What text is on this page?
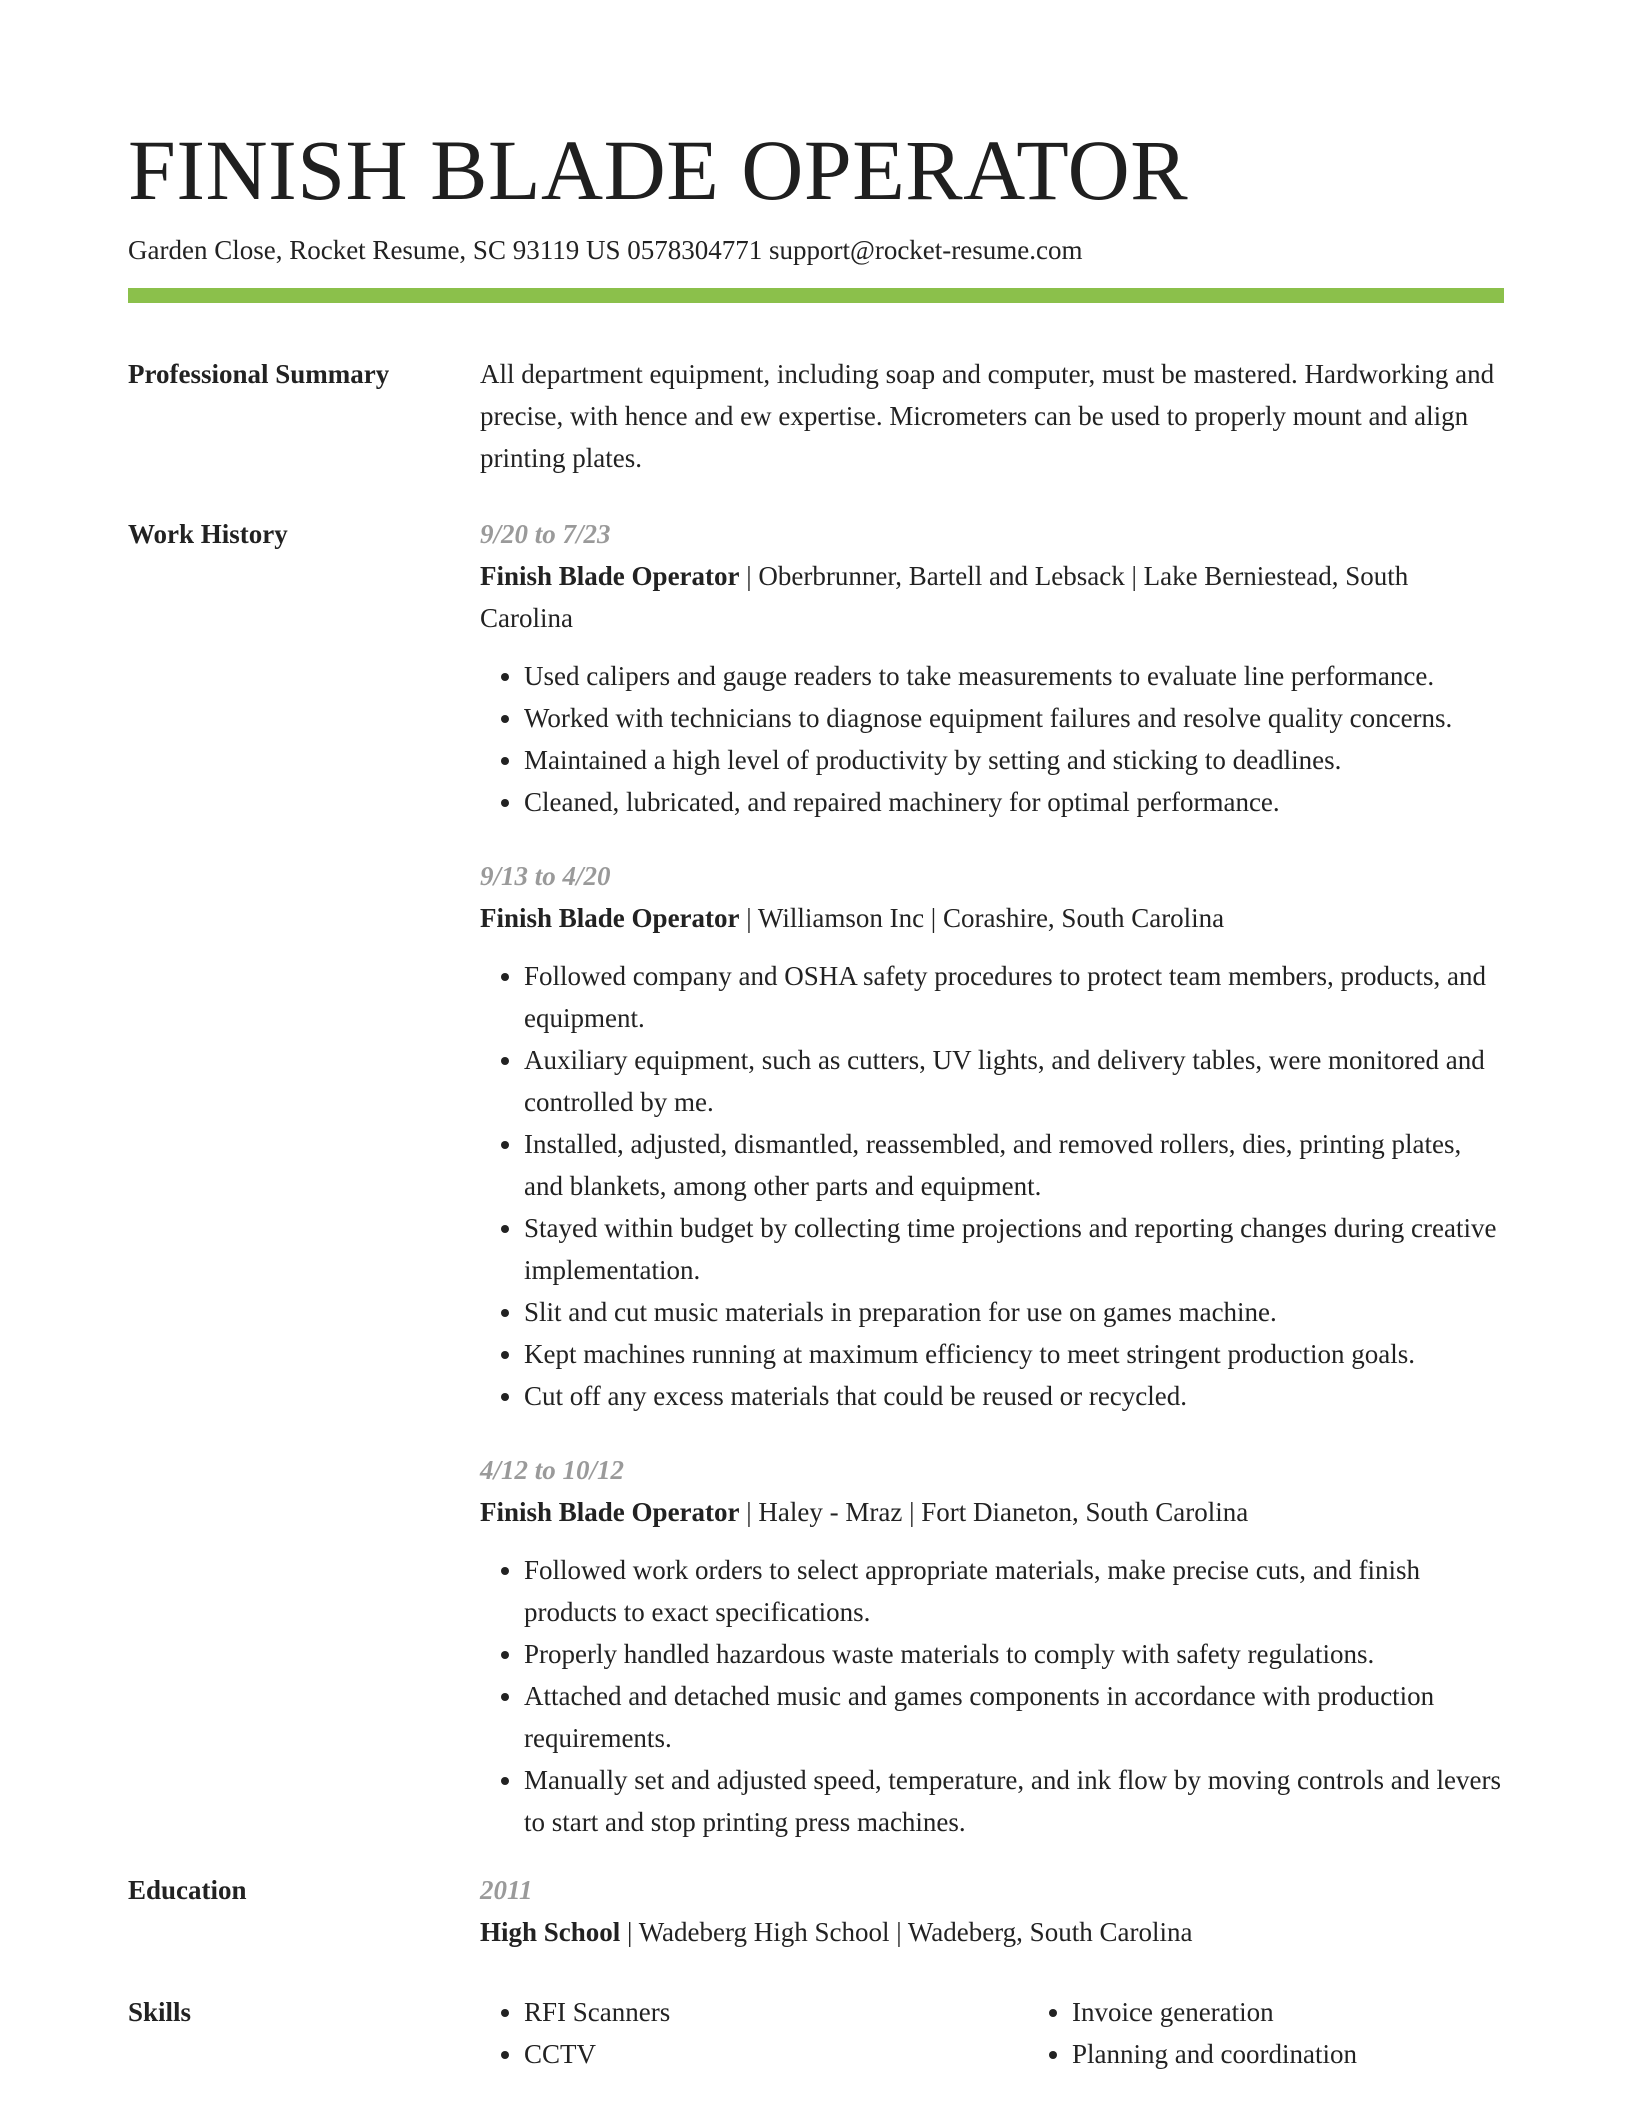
FINISH BLADE OPERATOR
Garden Close, Rocket Resume, SC 93119 US 0578304771 support@rocket-resume.com
Professional Summary	All department equipment, including soap and computer, must be mastered. Hardworking and precise, with hence and ew expertise. Micrometers can be used to properly mount and align printing plates.
Work History	9/20 to 7/23
Finish Blade Operator | Oberbrunner, Bartell and Lebsack | Lake Berniestead, South Carolina
• Used calipers and gauge readers to take measurements to evaluate line performance.
• Worked with technicians to diagnose equipment failures and resolve quality concerns.
• Maintained a high level of productivity by setting and sticking to deadlines.
• Cleaned, lubricated, and repaired machinery for optimal performance.
9/13 to 4/20
Finish Blade Operator | Williamson Inc | Corashire, South Carolina
• Followed company and OSHA safety procedures to protect team members, products, and equipment.
• Auxiliary equipment, such as cutters, UV lights, and delivery tables, were monitored and controlled by me.
• Installed, adjusted, dismantled, reassembled, and removed rollers, dies, printing plates, and blankets, among other parts and equipment.
• Stayed within budget by collecting time projections and reporting changes during creative implementation.
• Slit and cut music materials in preparation for use on games machine.
• Kept machines running at maximum efficiency to meet stringent production goals.
• Cut off any excess materials that could be reused or recycled.
4/12 to 10/12
Finish Blade Operator | Haley - Mraz | Fort Dianeton, South Carolina
• Followed work orders to select appropriate materials, make precise cuts, and finish products to exact specifications.
• Properly handled hazardous waste materials to comply with safety regulations.
• Attached and detached music and games components in accordance with production requirements.
• Manually set and adjusted speed, temperature, and ink flow by moving controls and levers to start and stop printing press machines.
Education	2011
High School | Wadeberg High School | Wadeberg, South Carolina
Skills
•	RFI Scanners
• CCTV
• Invoice generation
• Planning and coordination
